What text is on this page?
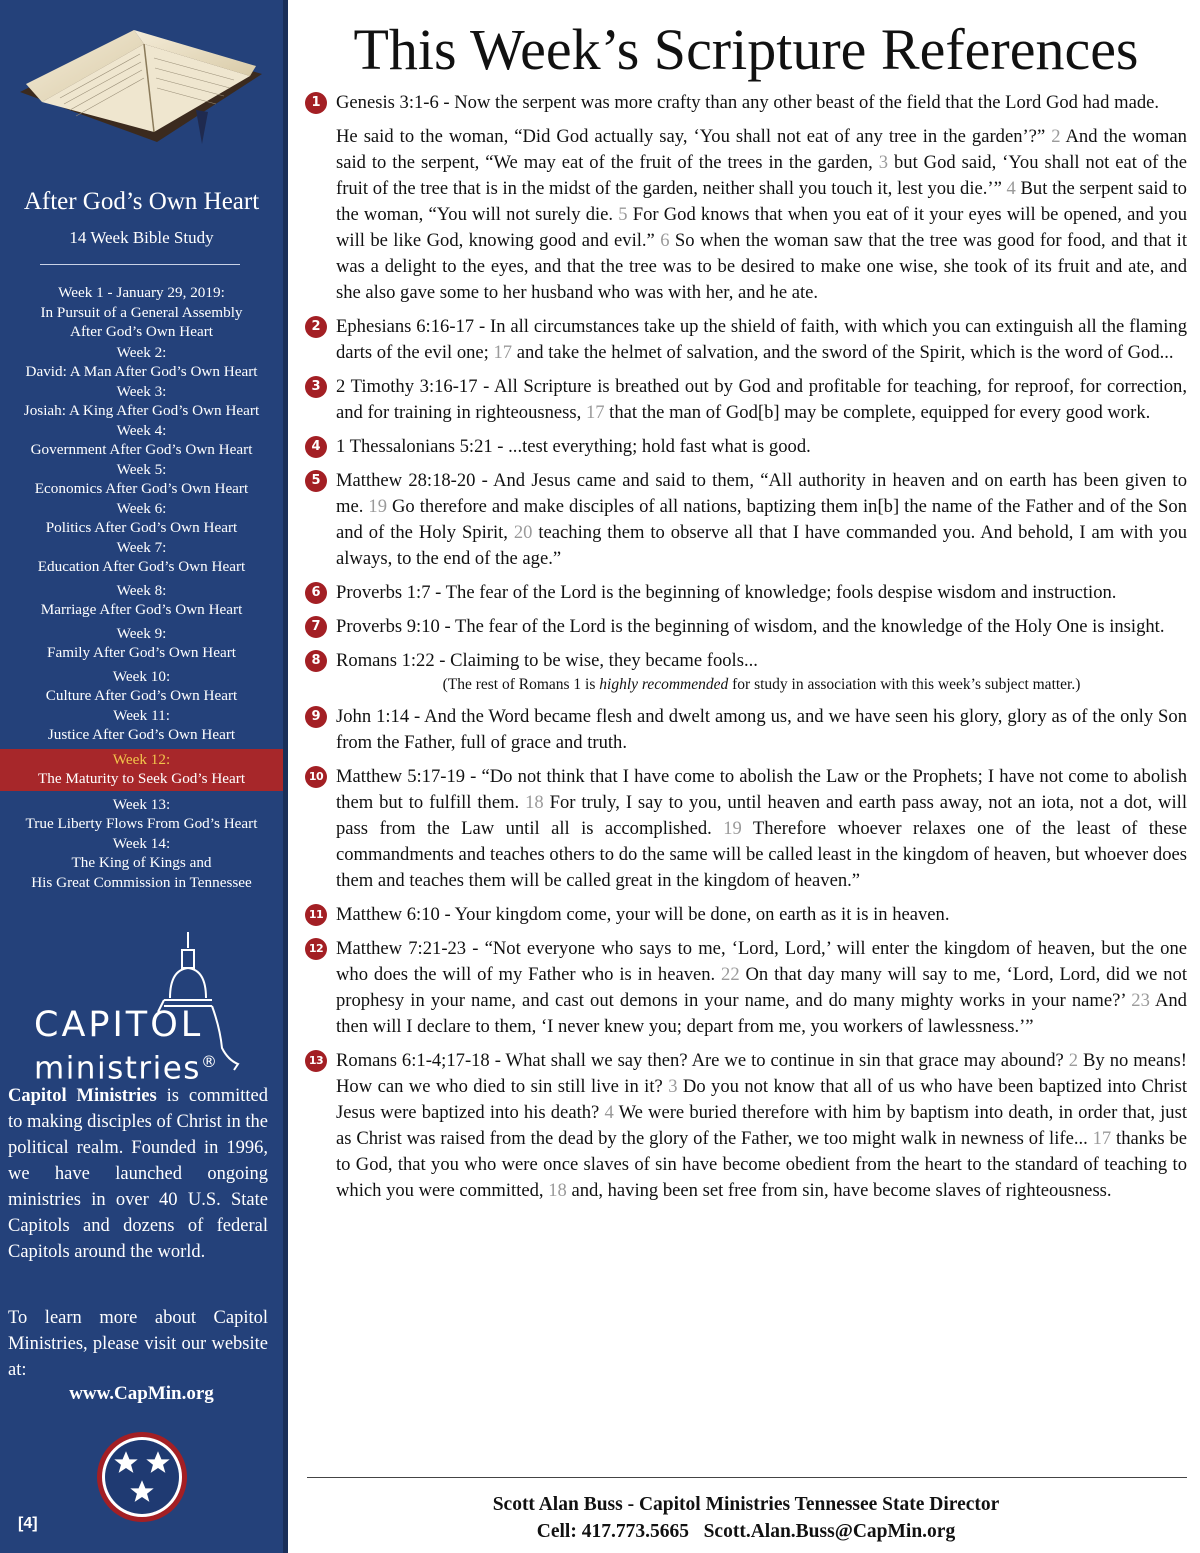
After God’s Own Heart
14 Week Bible Study
Week 1 - January 29, 2019:
In Pursuit of a General Assembly
After God’s Own Heart
Week 2:
David: A Man After God’s Own Heart
Week 3:
Josiah: A King After God’s Own Heart
Week 4:
Government After God’s Own Heart
Week 5:
Economics After God’s Own Heart
Week 6:
Politics After God’s Own Heart
Week 7:
Education After God’s Own Heart
Week 8:
Marriage After God’s Own Heart
Week 9:
Family After God’s Own Heart
Week 10:
Culture After God’s Own Heart
Week 11:
Justice After God’s Own Heart
Week 12:
The Maturity to Seek God’s Heart
Week 13:
True Liberty Flows From God’s Heart
Week 14:
The King of Kings and
His Great Commission in Tennessee
CAPITOL
ministries®
Capitol Ministries is committed to making disciples of Christ in the political realm. Founded in 1996, we have launched ongoing ministries in over 40 U.S. State Capitols and dozens of federal Capitols around the world.
To learn more about Capitol Ministries, please visit our website at:
www.CapMin.org
[4]
This Week’s Scripture References
1 Genesis 3:1-6 - Now the serpent was more crafty than any other beast of the field that the Lord God had made.

He said to the woman, “Did God actually say, ‘You shall not eat of any tree in the garden’?” 2 And the woman said to the serpent, “We may eat of the fruit of the trees in the garden, 3 but God said, ‘You shall not eat of the fruit of the tree that is in the midst of the garden, neither shall you touch it, lest you die.’” 4 But the serpent said to the woman, “You will not surely die. 5 For God knows that when you eat of it your eyes will be opened, and you will be like God, knowing good and evil.” 6 So when the woman saw that the tree was good for food, and that it was a delight to the eyes, and that the tree was to be desired to make one wise, she took of its fruit and ate, and she also gave some to her husband who was with her, and he ate.

2 Ephesians 6:16-17 - In all circumstances take up the shield of faith, with which you can extinguish all the flaming darts of the evil one; 17 and take the helmet of salvation, and the sword of the Spirit, which is the word of God...

3 2 Timothy 3:16-17 - All Scripture is breathed out by God and profitable for teaching, for reproof, for correction, and for training in righteousness, 17 that the man of God[b] may be complete, equipped for every good work.

4 1 Thessalonians 5:21 - ...test everything; hold fast what is good.

5 Matthew 28:18-20 - And Jesus came and said to them, “All authority in heaven and on earth has been given to me. 19 Go therefore and make disciples of all nations, baptizing them in[b] the name of the Father and of the Son and of the Holy Spirit, 20 teaching them to observe all that I have commanded you. And behold, I am with you always, to the end of the age.”

6 Proverbs 1:7 - The fear of the Lord is the beginning of knowledge; fools despise wisdom and instruction.

7 Proverbs 9:10 - The fear of the Lord is the beginning of wisdom, and the knowledge of the Holy One is insight.

8 Romans 1:22 - Claiming to be wise, they became fools...

(The rest of Romans 1 is highly recommended for study in association with this week’s subject matter.)
9 John 1:14 - And the Word became flesh and dwelt among us, and we have seen his glory, glory as of the only Son from the Father, full of grace and truth.

10 Matthew 5:17-19 - “Do not think that I have come to abolish the Law or the Prophets; I have not come to abolish them but to fulfill them. 18 For truly, I say to you, until heaven and earth pass away, not an iota, not a dot, will pass from the Law until all is accomplished. 19 Therefore whoever relaxes one of the least of these commandments and teaches others to do the same will be called least in the kingdom of heaven, but whoever does them and teaches them will be called great in the kingdom of heaven.”

11 Matthew 6:10 - Your kingdom come, your will be done, on earth as it is in heaven.

12 Matthew 7:21-23 - “Not everyone who says to me, ‘Lord, Lord,’ will enter the kingdom of heaven, but the one who does the will of my Father who is in heaven. 22 On that day many will say to me, ‘Lord, Lord, did we not prophesy in your name, and cast out demons in your name, and do many mighty works in your name?’ 23 And then will I declare to them, ‘I never knew you; depart from me, you workers of lawlessness.’”

13 Romans 6:1-4;17-18 - What shall we say then? Are we to continue in sin that grace may abound? 2 By no means! How can we who died to sin still live in it? 3 Do you not know that all of us who have been baptized into Christ Jesus were baptized into his death? 4 We were buried therefore with him by baptism into death, in order that, just as Christ was raised from the dead by the glory of the Father, we too might walk in newness of life... 17 thanks be to God, that you who were once slaves of sin have become obedient from the heart to the standard of teaching to which you were committed, 18 and, having been set free from sin, have become slaves of righteousness.

Scott Alan Buss - Capitol Ministries Tennessee State Director
Cell: 417.773.5665   Scott.Alan.Buss@CapMin.org
